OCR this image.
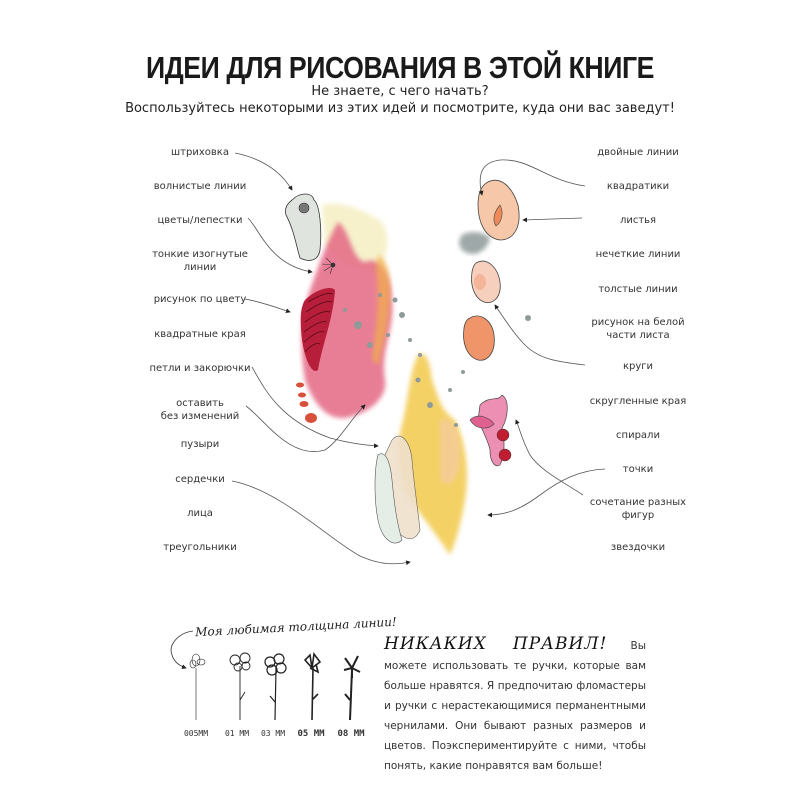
ИДЕИ ДЛЯ РИСОВАНИЯ В ЭТОЙ КНИГЕ
Не знаете, с чего начать?
Воспользуйтесь некоторыми из этих идей и посмотрите, куда они вас заведут!
штриховка
волнистые линии
цветы/лепестки
тонкие изогнутые
линии
рисунок по цвету
квадратные края
петли и закорючки
оставить
без изменений
пузыри
сердечки
лица
треугольники
двойные линии
квадратики
листья
нечеткие линии
толстые линии
рисунок на белой
части листа
круги
скругленные края
спирали
точки
сочетание разных
фигур
звездочки
Моя любимая толщина линии!
005MM	01 MM	03 MM	05 MM	08 MM
НИКАКИХ ПРАВИЛ! Вы можете использовать те ручки, которые вам больше нравятся. Я предпочитаю фломастеры и ручки с нерастекающимися перманентными чернилами. Они бывают разных размеров и цветов. Поэкспериментируйте с ними, чтобы понять, какие понравятся вам больше!
